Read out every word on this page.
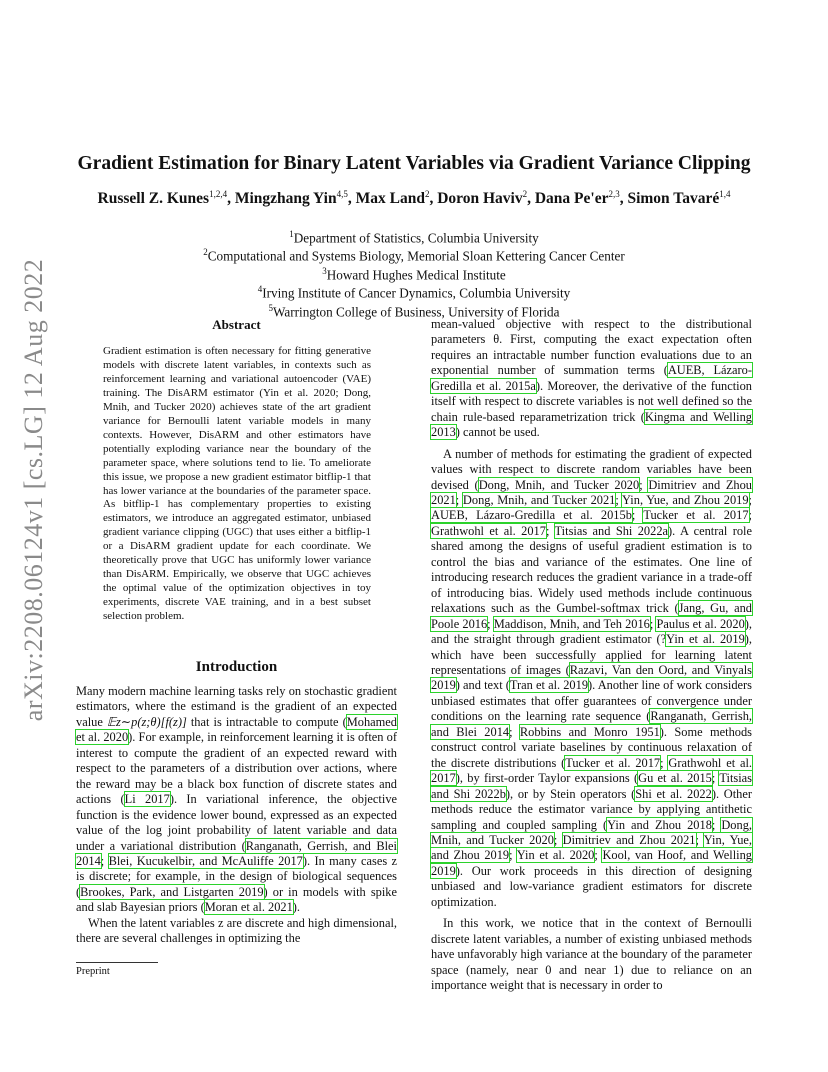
arXiv:2208.06124v1 [cs.LG] 12 Aug 2022
Gradient Estimation for Binary Latent Variables via Gradient Variance Clipping
Russell Z. Kunes$^{1,2,4}$, Mingzhang Yin$^{4,5}$, Max Land$^2$, Doron Haviv$^2$, Dana Pe'er$^{2,3}$, Simon Tavaré$^{1,4}$
$^1$Department of Statistics, Columbia University
$^2$Computational and Systems Biology, Memorial Sloan Kettering Cancer Center
$^3$Howard Hughes Medical Institute
$^4$Irving Institute of Cancer Dynamics, Columbia University
$^5$Warrington College of Business, University of Florida
Abstract
Gradient estimation is often necessary for fitting generative models with discrete latent variables, in contexts such as reinforcement learning and variational autoencoder (VAE) training. The DisARM estimator (Yin et al. 2020; Dong, Mnih, and Tucker 2020) achieves state of the art gradient variance for Bernoulli latent variable models in many contexts. However, DisARM and other estimators have potentially exploding variance near the boundary of the parameter space, where solutions tend to lie. To ameliorate this issue, we propose a new gradient estimator bitflip-1 that has lower variance at the boundaries of the parameter space. As bitflip-1 has complementary properties to existing estimators, we introduce an aggregated estimator, unbiased gradient variance clipping (UGC) that uses either a bitflip-1 or a DisARM gradient update for each coordinate. We theoretically prove that UGC has uniformly lower variance than DisARM. Empirically, we observe that UGC achieves the optimal value of the optimization objectives in toy experiments, discrete VAE training, and in a best subset selection problem.
Introduction

Many modern machine learning tasks rely on stochastic gradient estimators, where the estimand is the gradient of an expected value 𝔼z∼p(z;θ)[f(z)] that is intractable to compute (Mohamed et al. 2020). For example, in reinforcement learning it is often of interest to compute the gradient of an expected reward with respect to the parameters of a distribution over actions, where the reward may be a black box function of discrete states and actions (Li 2017). In variational inference, the objective function is the evidence lower bound, expressed as an expected value of the log joint probability of latent variable and data under a variational distribution (Ranganath, Gerrish, and Blei 2014; Blei, Kucukelbir, and McAuliffe 2017). In many cases z is discrete; for example, in the design of biological sequences (Brookes, Park, and Listgarten 2019) or in models with spike and slab Bayesian priors (Moran et al. 2021).

When the latent variables z are discrete and high dimensional, there are several challenges in optimizing the

mean-valued objective with respect to the distributional parameters θ. First, computing the exact expectation often requires an intractable number function evaluations due to an exponential number of summation terms (AUEB, Lázaro-Gredilla et al. 2015a). Moreover, the derivative of the function itself with respect to discrete variables is not well defined so the chain rule-based reparametrization trick (Kingma and Welling 2013) cannot be used.

A number of methods for estimating the gradient of expected values with respect to discrete random variables have been devised (Dong, Mnih, and Tucker 2020; Dimitriev and Zhou 2021; Dong, Mnih, and Tucker 2021; Yin, Yue, and Zhou 2019; AUEB, Lázaro-Gredilla et al. 2015b; Tucker et al. 2017; Grathwohl et al. 2017; Titsias and Shi 2022a). A central role shared among the designs of useful gradient estimation is to control the bias and variance of the estimates. One line of introducing research reduces the gradient variance in a trade-off of introducing bias. Widely used methods include continuous relaxations such as the Gumbel-softmax trick (Jang, Gu, and Poole 2016; Maddison, Mnih, and Teh 2016; Paulus et al. 2020), and the straight through gradient estimator (?Yin et al. 2019), which have been successfully applied for learning latent representations of images (Razavi, Van den Oord, and Vinyals 2019) and text (Tran et al. 2019). Another line of work considers unbiased estimates that offer guarantees of convergence under conditions on the learning rate sequence (Ranganath, Gerrish, and Blei 2014; Robbins and Monro 1951). Some methods construct control variate baselines by continuous relaxation of the discrete distributions (Tucker et al. 2017; Grathwohl et al. 2017), by first-order Taylor expansions (Gu et al. 2015; Titsias and Shi 2022b), or by Stein operators (Shi et al. 2022). Other methods reduce the estimator variance by applying antithetic sampling and coupled sampling (Yin and Zhou 2018; Dong, Mnih, and Tucker 2020; Dimitriev and Zhou 2021; Yin, Yue, and Zhou 2019; Yin et al. 2020; Kool, van Hoof, and Welling 2019). Our work proceeds in this direction of designing unbiased and low-variance gradient estimators for discrete optimization.

In this work, we notice that in the context of Bernoulli discrete latent variables, a number of existing unbiased methods have unfavorably high variance at the boundary of the parameter space (namely, near 0 and near 1) due to reliance on an importance weight that is necessary in order to

Preprint
